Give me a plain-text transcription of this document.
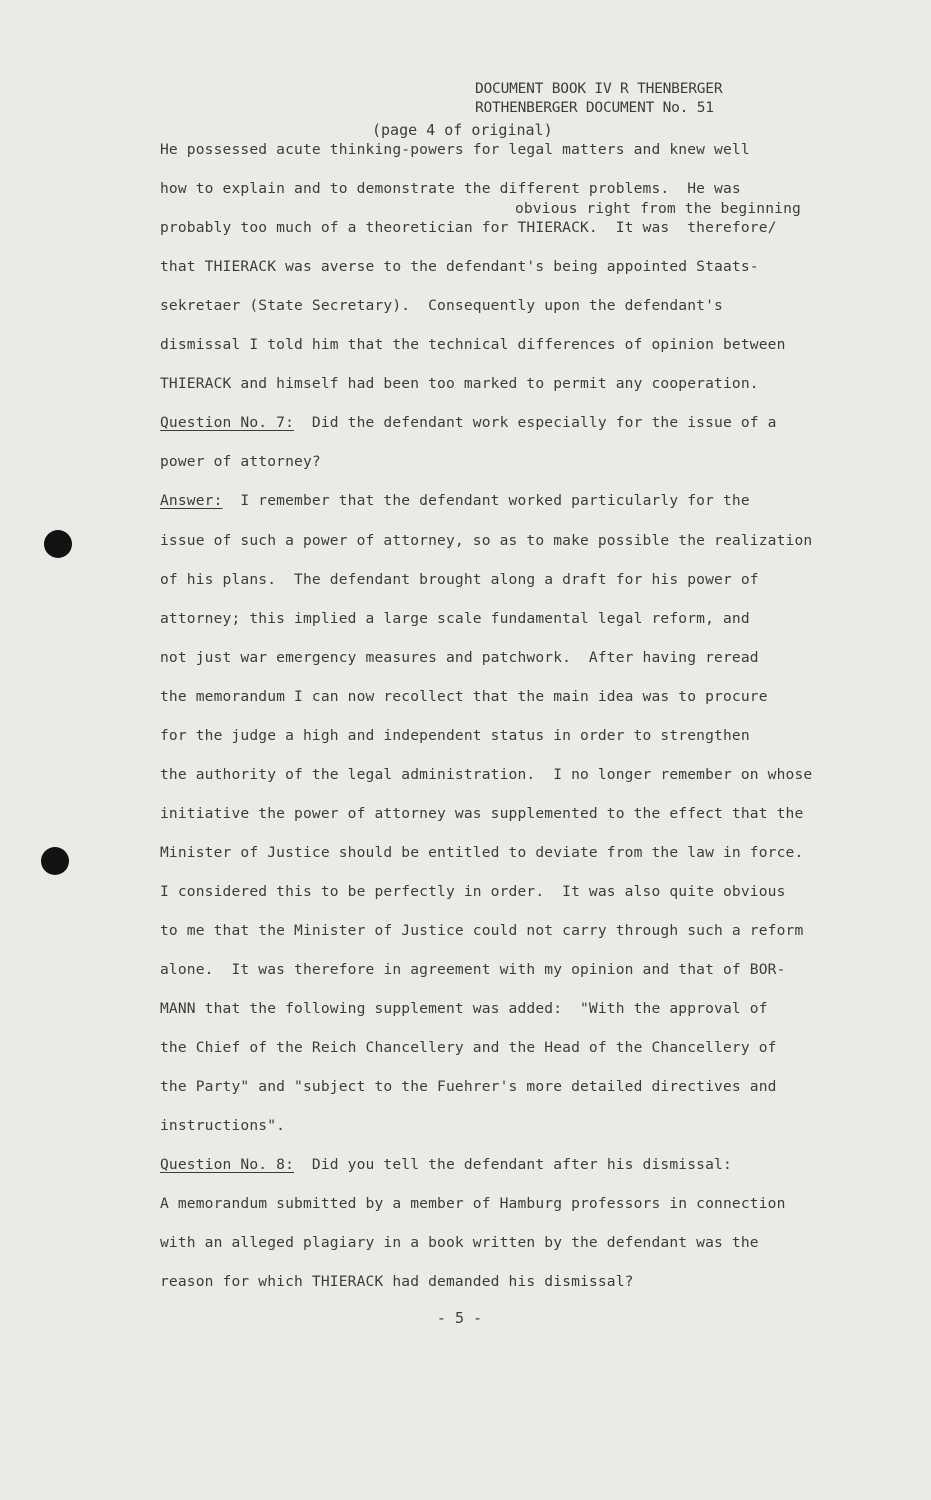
DOCUMENT BOOK IV R THENBERGER
ROTHENBERGER DOCUMENT No. 51
(page 4 of original)
obvious right from the beginning
He possessed acute thinking-powers for legal matters and knew well
how to explain and to demonstrate the different problems.  He was
probably too much of a theoretician for THIERACK.  It was  therefore/
that THIERACK was averse to the defendant's being appointed Staats-
sekretaer (State Secretary).  Consequently upon the defendant's
dismissal I told him that the technical differences of opinion between
THIERACK and himself had been too marked to permit any cooperation.
Question No. 7:  Did the defendant work especially for the issue of a
power of attorney?
Answer:  I remember that the defendant worked particularly for the
issue of such a power of attorney, so as to make possible the realization
of his plans.  The defendant brought along a draft for his power of
attorney; this implied a large scale fundamental legal reform, and
not just war emergency measures and patchwork.  After having reread
the memorandum I can now recollect that the main idea was to procure
for the judge a high and independent status in order to strengthen
the authority of the legal administration.  I no longer remember on whose
initiative the power of attorney was supplemented to the effect that the
Minister of Justice should be entitled to deviate from the law in force.
I considered this to be perfectly in order.  It was also quite obvious
to me that the Minister of Justice could not carry through such a reform
alone.  It was therefore in agreement with my opinion and that of BOR-
MANN that the following supplement was added:  "With the approval of
the Chief of the Reich Chancellery and the Head of the Chancellery of
the Party" and "subject to the Fuehrer's more detailed directives and
instructions".
Question No. 8:  Did you tell the defendant after his dismissal:
A memorandum submitted by a member of Hamburg professors in connection
with an alleged plagiary in a book written by the defendant was the
reason for which THIERACK had demanded his dismissal?
- 5 -
